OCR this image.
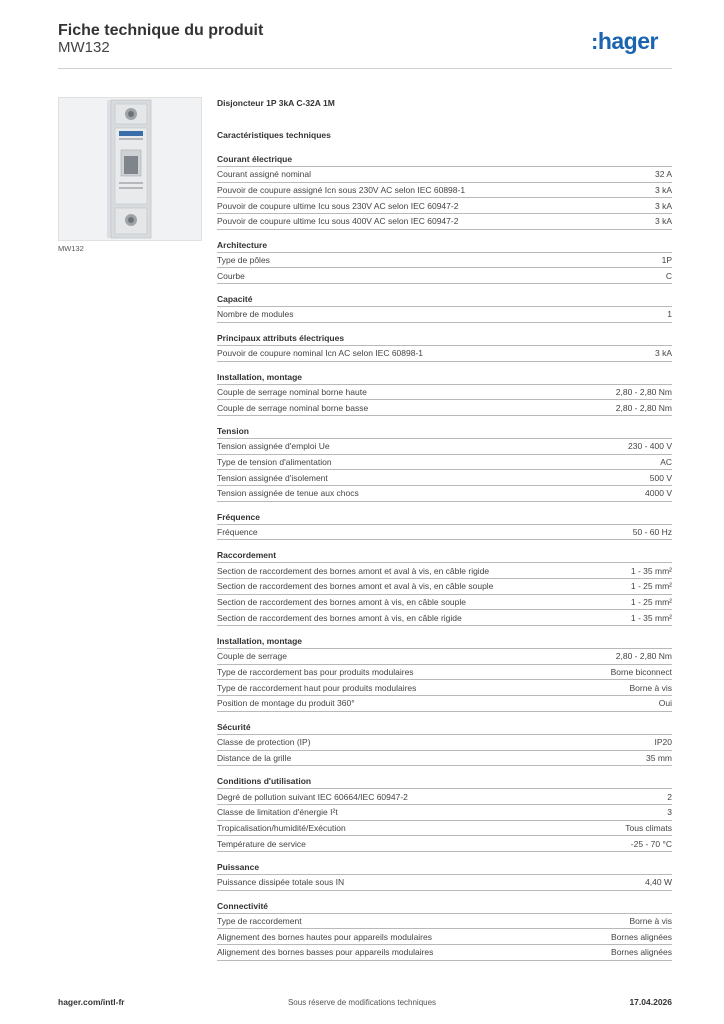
Fiche technique du produit
MW132	:hager
MW132
Disjoncteur 1P 3kA C-32A 1M
Caractéristiques techniques
Courant électrique
Courant assigné nominal	32 A
Pouvoir de coupure assigné Icn sous 230V AC selon IEC 60898-1	3 kA
Pouvoir de coupure ultime Icu sous 230V AC selon IEC 60947-2	3 kA
Pouvoir de coupure ultime Icu sous 400V AC selon IEC 60947-2	3 kA
Architecture
Type de pôles	1P
Courbe	C
Capacité
Nombre de modules	1
Principaux attributs électriques
Pouvoir de coupure nominal Icn AC selon IEC 60898-1	3 kA
Installation, montage
Couple de serrage nominal borne haute	2,80 - 2,80 Nm
Couple de serrage nominal borne basse	2,80 - 2,80 Nm
Tension
Tension assignée d'emploi Ue	230 - 400 V
Type de tension d'alimentation	AC
Tension assignée d'isolement	500 V
Tension assignée de tenue aux chocs	4000 V
Fréquence
Fréquence	50 - 60 Hz
Raccordement
Section de raccordement des bornes amont et aval à vis, en câble rigide	1 - 35 mm²
Section de raccordement des bornes amont et aval à vis, en câble souple	1 - 25 mm²
Section de raccordement des bornes amont à vis, en câble souple	1 - 25 mm²
Section de raccordement des bornes amont à vis, en câble rigide	1 - 35 mm²
Installation, montage
Couple de serrage	2,80 - 2,80 Nm
Type de raccordement bas pour produits modulaires	Borne biconnect
Type de raccordement haut pour produits modulaires	Borne à vis
Position de montage du produit 360°	Oui
Sécurité
Classe de protection (IP)	IP20
Distance de la grille	35 mm
Conditions d'utilisation
Degré de pollution suivant IEC 60664/IEC 60947-2	2
Classe de limitation d'énergie I²t	3
Tropicalisation/humidité/Exécution	Tous climats
Température de service	-25 - 70 °C
Puissance
Puissance dissipée totale sous IN	4,40 W
Connectivité
Type de raccordement	Borne à vis
Alignement des bornes hautes pour appareils modulaires	Bornes alignées
Alignement des bornes basses pour appareils modulaires	Bornes alignées
hager.com/intl-fr	Sous réserve de modifications techniques	17.04.2026
